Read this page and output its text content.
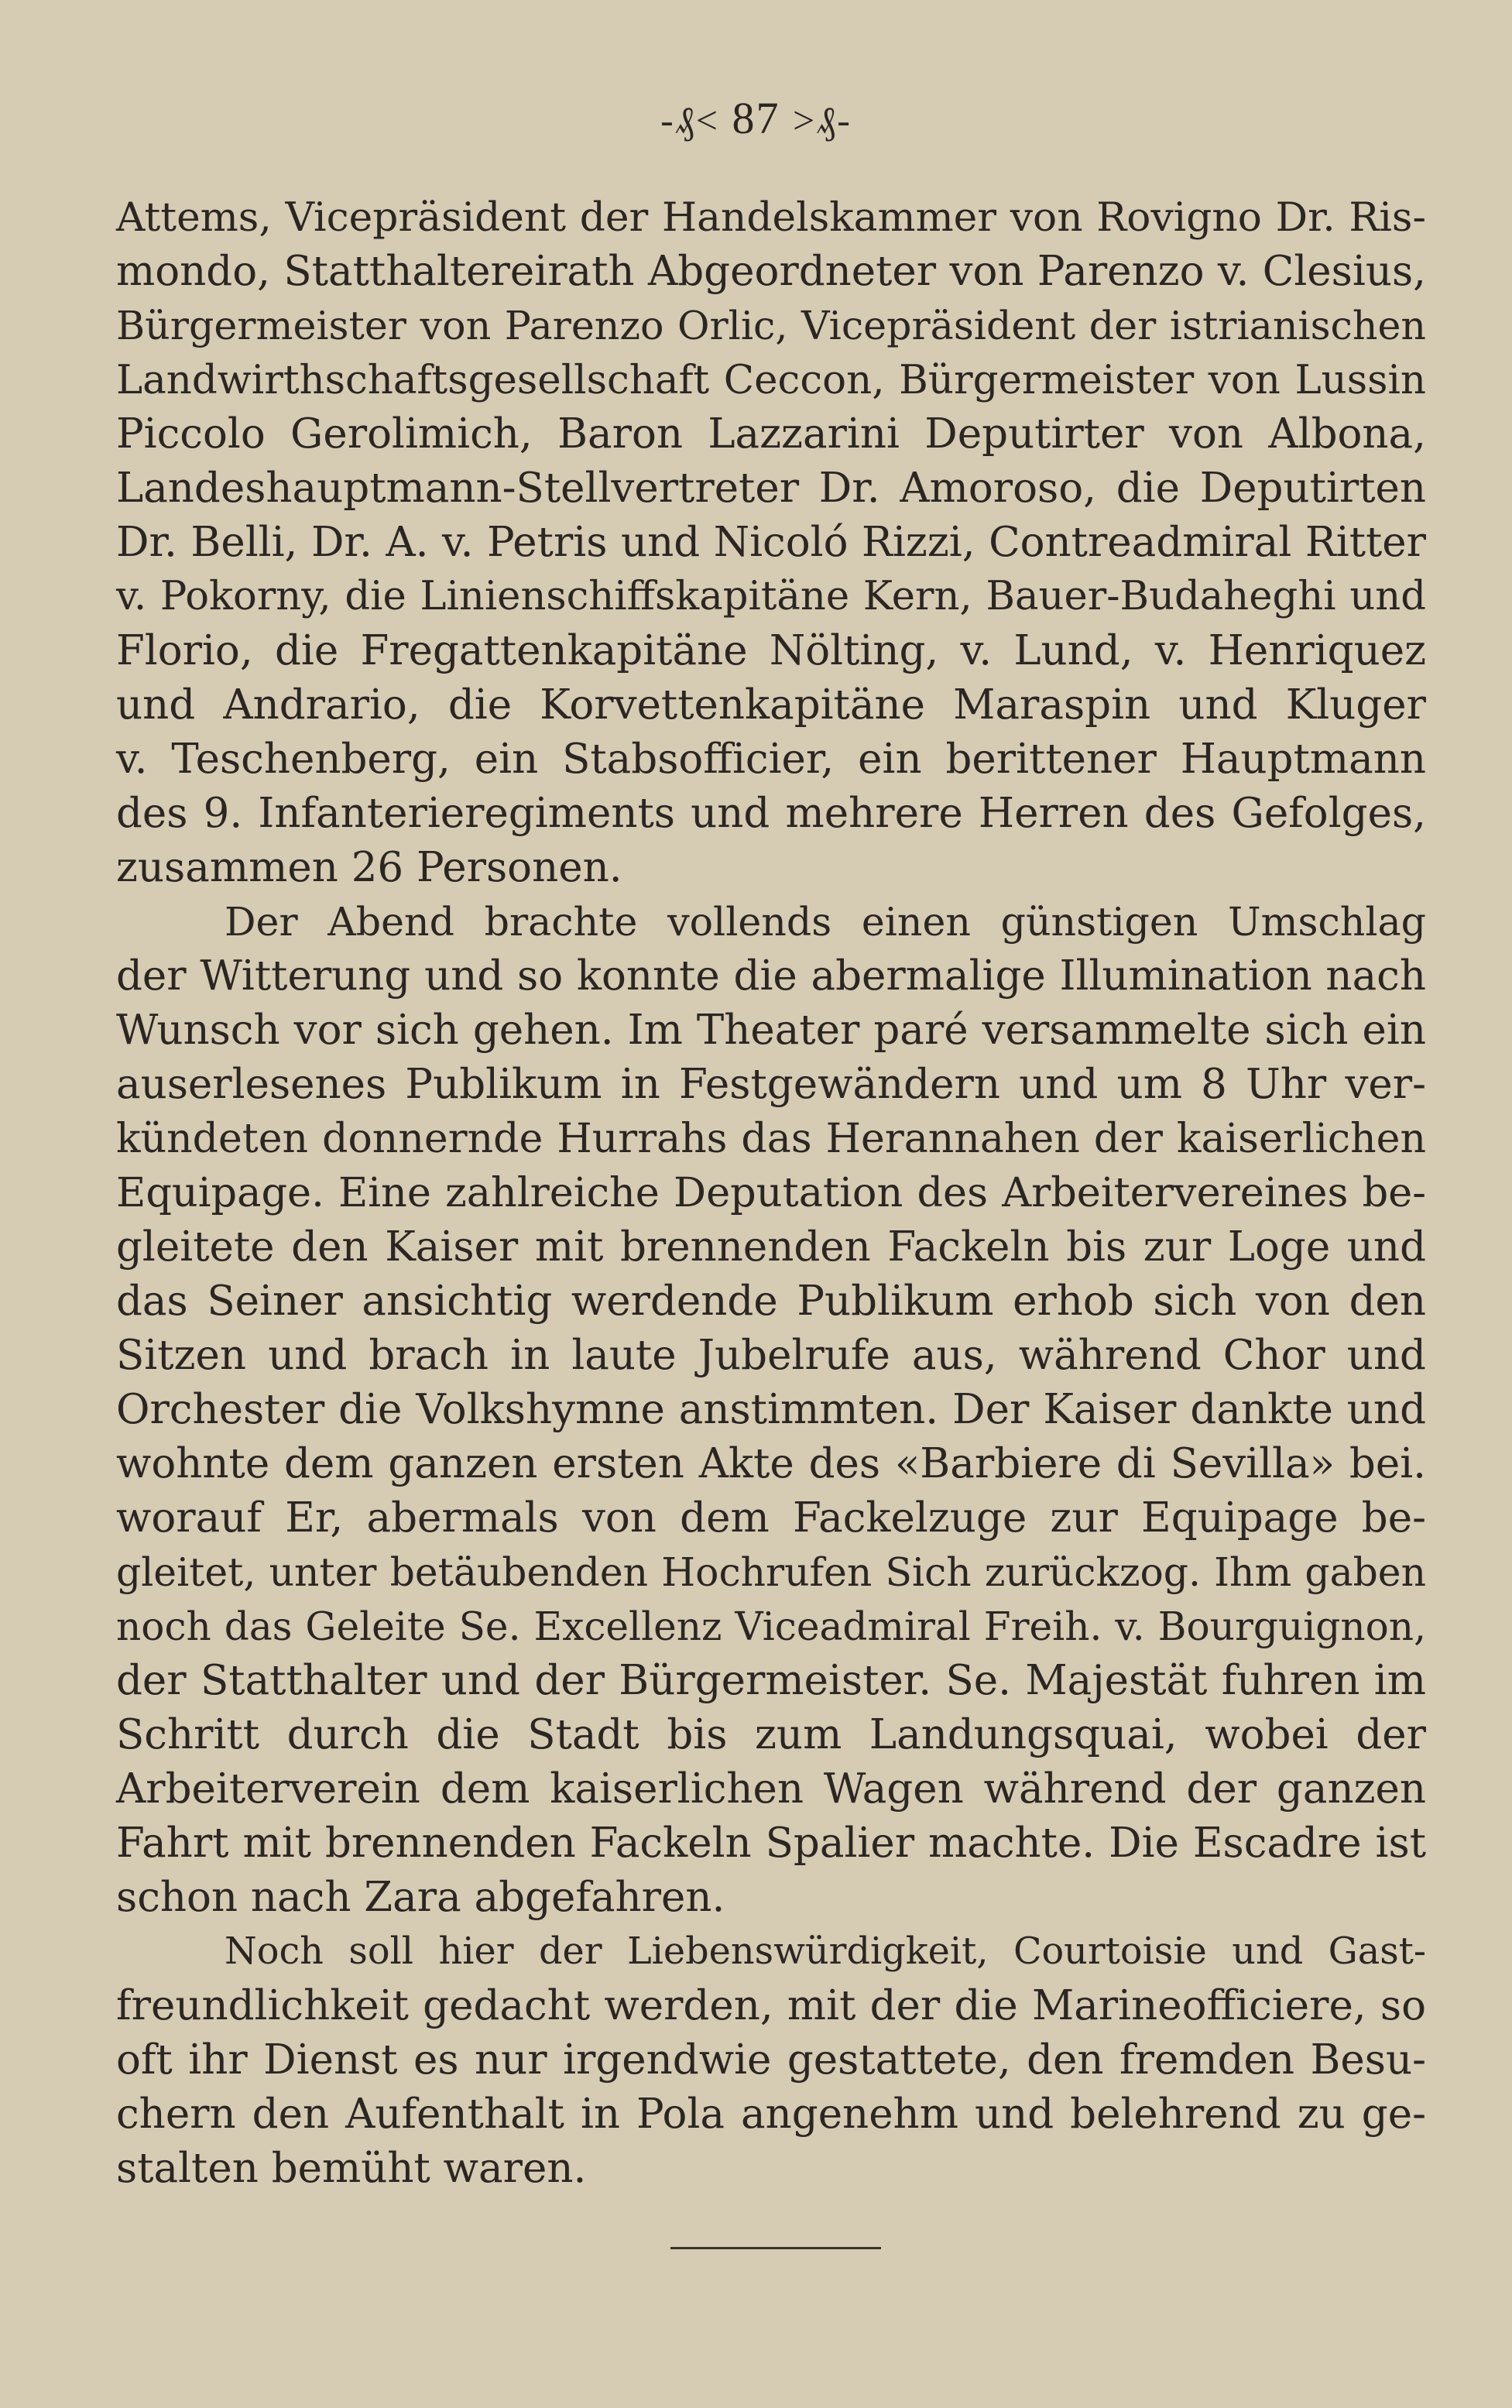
-₰< 87 >₰-

Attems, Vicepräsident der Handelskammer von Rovigno Dr. Ris-

mondo, Statthaltereirath Abgeordneter von Parenzo v. Clesius,

Bürgermeister von Parenzo Orlic, Vicepräsident der istrianischen

Landwirthschaftsgesellschaft Ceccon, Bürgermeister von Lussin

Piccolo Gerolimich, Baron Lazzarini Deputirter von Albona,

Landeshauptmann-Stellvertreter Dr. Amoroso, die Deputirten

Dr. Belli, Dr. A. v. Petris und Nicoló Rizzi, Contreadmiral Ritter

v. Pokorny, die Linienschiffskapitäne Kern, Bauer-Budaheghi und

Florio, die Fregattenkapitäne Nölting, v. Lund, v. Henriquez

und Andrario, die Korvettenkapitäne Maraspin und Kluger

v. Teschenberg, ein Stabsofficier, ein berittener Hauptmann

des 9. Infanterieregiments und mehrere Herren des Gefolges,

zusammen 26 Personen.

Der Abend brachte vollends einen günstigen Umschlag

der Witterung und so konnte die abermalige Illumination nach

Wunsch vor sich gehen. Im Theater paré versammelte sich ein

auserlesenes Publikum in Festgewändern und um 8 Uhr ver-

kündeten donnernde Hurrahs das Herannahen der kaiserlichen

Equipage. Eine zahlreiche Deputation des Arbeitervereines be-

gleitete den Kaiser mit brennenden Fackeln bis zur Loge und

das Seiner ansichtig werdende Publikum erhob sich von den

Sitzen und brach in laute Jubelrufe aus, während Chor und

Orchester die Volkshymne anstimmten. Der Kaiser dankte und

wohnte dem ganzen ersten Akte des «Barbiere di Sevilla» bei.

worauf Er, abermals von dem Fackelzuge zur Equipage be-

gleitet, unter betäubenden Hochrufen Sich zurückzog. Ihm gaben

noch das Geleite Se. Excellenz Viceadmiral Freih. v. Bourguignon,

der Statthalter und der Bürgermeister. Se. Majestät fuhren im

Schritt durch die Stadt bis zum Landungsquai, wobei der

Arbeiterverein dem kaiserlichen Wagen während der ganzen

Fahrt mit brennenden Fackeln Spalier machte. Die Escadre ist

schon nach Zara abgefahren.

Noch soll hier der Liebenswürdigkeit, Courtoisie und Gast-

freundlichkeit gedacht werden, mit der die Marineofficiere, so

oft ihr Dienst es nur irgendwie gestattete, den fremden Besu-

chern den Aufenthalt in Pola angenehm und belehrend zu ge-

stalten bemüht waren.
